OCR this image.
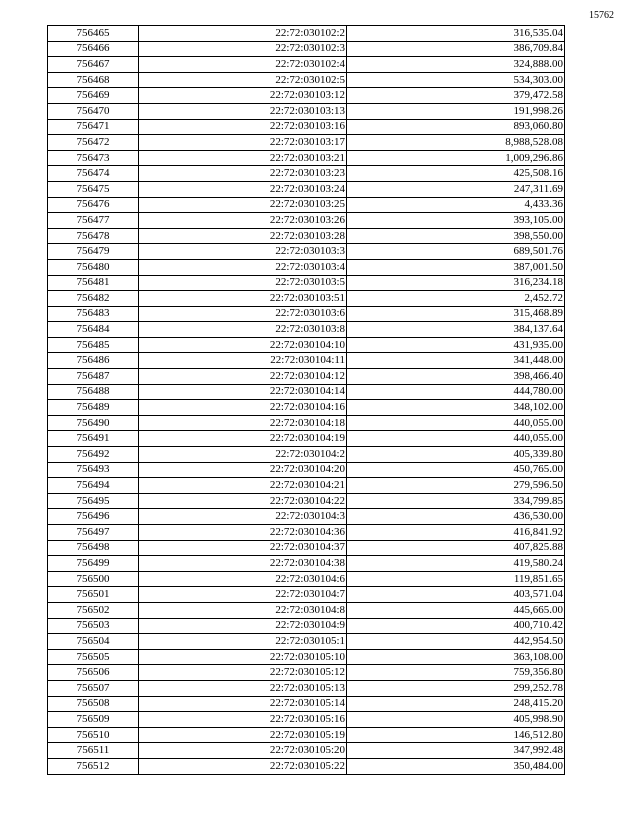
15762
756465	22:72:030102:2	316,535.04
756466	22:72:030102:3	386,709.84
756467	22:72:030102:4	324,888.00
756468	22:72:030102:5	534,303.00
756469	22:72:030103:12	379,472.58
756470	22:72:030103:13	191,998.26
756471	22:72:030103:16	893,060.80
756472	22:72:030103:17	8,988,528.08
756473	22:72:030103:21	1,009,296.86
756474	22:72:030103:23	425,508.16
756475	22:72:030103:24	247,311.69
756476	22:72:030103:25	4,433.36
756477	22:72:030103:26	393,105.00
756478	22:72:030103:28	398,550.00
756479	22:72:030103:3	689,501.76
756480	22:72:030103:4	387,001.50
756481	22:72:030103:5	316,234.18
756482	22:72:030103:51	2,452.72
756483	22:72:030103:6	315,468.89
756484	22:72:030103:8	384,137.64
756485	22:72:030104:10	431,935.00
756486	22:72:030104:11	341,448.00
756487	22:72:030104:12	398,466.40
756488	22:72:030104:14	444,780.00
756489	22:72:030104:16	348,102.00
756490	22:72:030104:18	440,055.00
756491	22:72:030104:19	440,055.00
756492	22:72:030104:2	405,339.80
756493	22:72:030104:20	450,765.00
756494	22:72:030104:21	279,596.50
756495	22:72:030104:22	334,799.85
756496	22:72:030104:3	436,530.00
756497	22:72:030104:36	416,841.92
756498	22:72:030104:37	407,825.88
756499	22:72:030104:38	419,580.24
756500	22:72:030104:6	119,851.65
756501	22:72:030104:7	403,571.04
756502	22:72:030104:8	445,665.00
756503	22:72:030104:9	400,710.42
756504	22:72:030105:1	442,954.50
756505	22:72:030105:10	363,108.00
756506	22:72:030105:12	759,356.80
756507	22:72:030105:13	299,252.78
756508	22:72:030105:14	248,415.20
756509	22:72:030105:16	405,998.90
756510	22:72:030105:19	146,512.80
756511	22:72:030105:20	347,992.48
756512	22:72:030105:22	350,484.00
